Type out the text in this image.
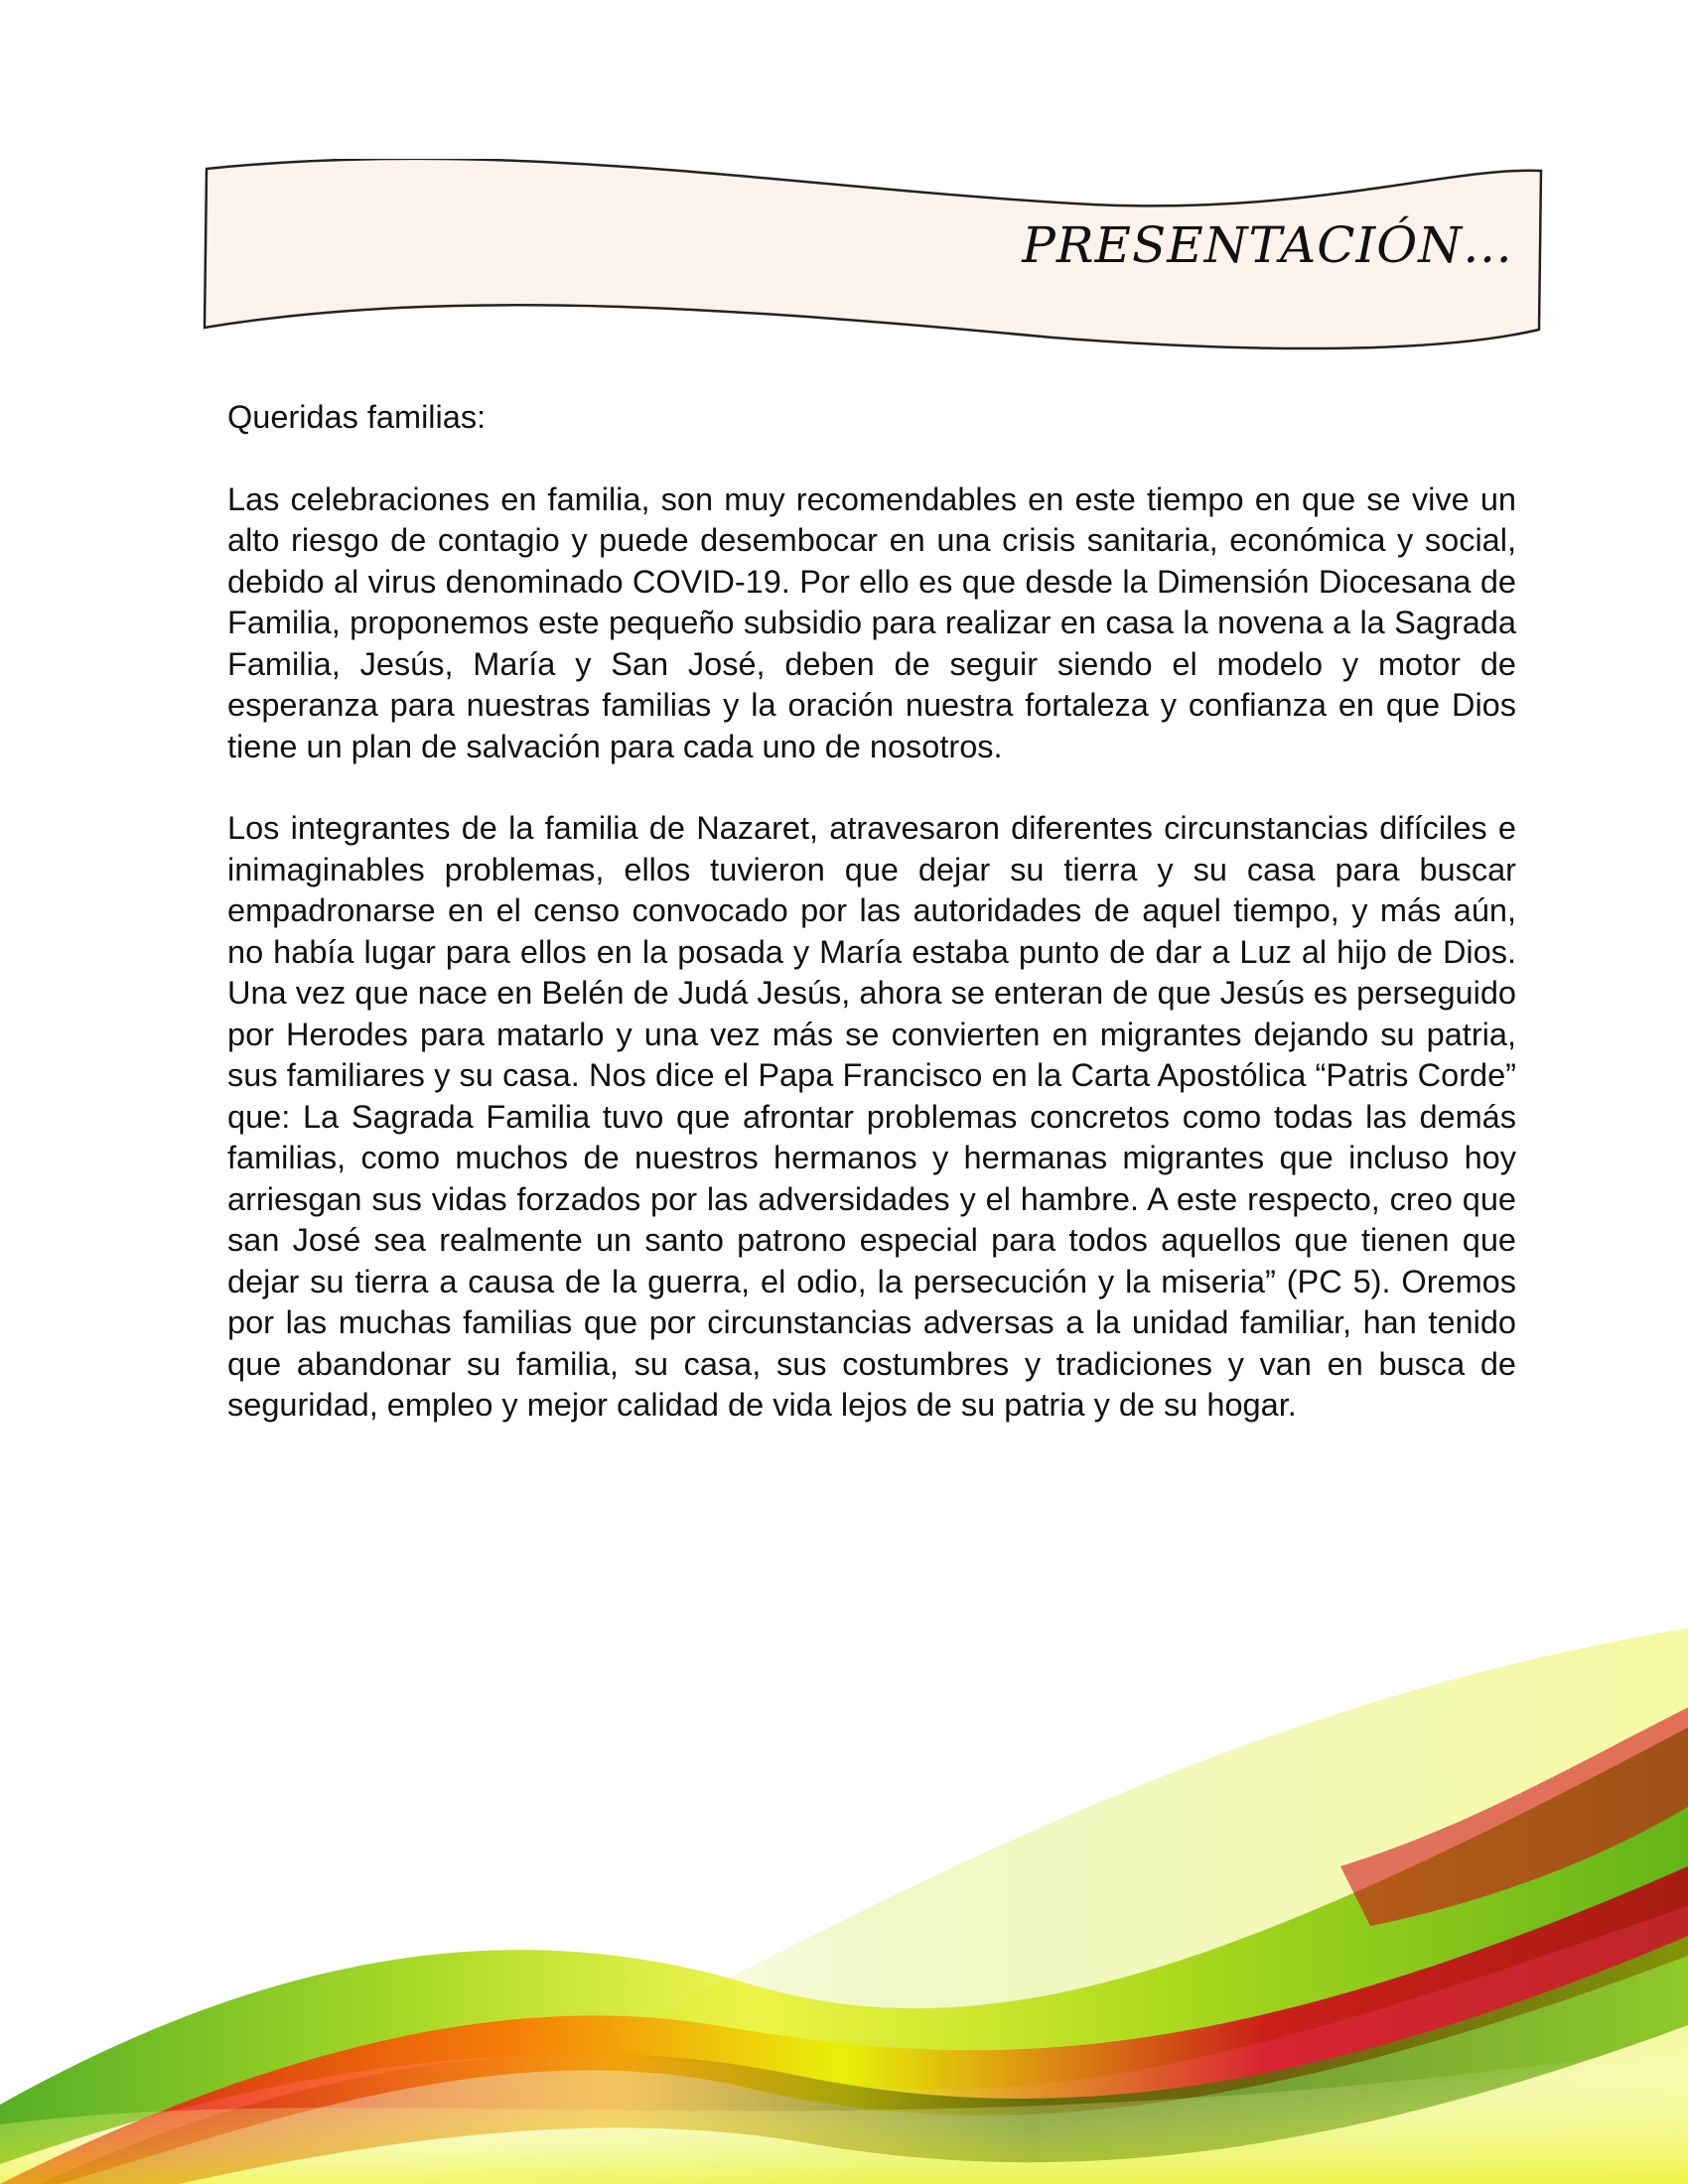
PRESENTACIÓN…

Queridas familias:

Las celebraciones en familia, son muy recomendables en este tiempo en que se vive un alto riesgo de contagio y puede desembocar en una crisis sanitaria, económica y social, debido al virus denominado COVID-19. Por ello es que desde la Dimensión Diocesana de Familia, proponemos este pequeño subsidio para realizar en casa la novena a la Sagrada Familia, Jesús, María y San José, deben de seguir siendo el modelo y motor de esperanza para nuestras familias y la oración nuestra fortaleza y confianza en que Dios tiene un plan de salvación para cada uno de nosotros.

Los integrantes de la familia de Nazaret, atravesaron diferentes circunstancias difíciles e inimaginables problemas, ellos tuvieron que dejar su tierra y su casa para buscar empadronarse en el censo convocado por las autoridades de aquel tiempo, y más aún, no había lugar para ellos en la posada y María estaba punto de dar a Luz al hijo de Dios. Una vez que nace en Belén de Judá Jesús, ahora se enteran de que Jesús es perseguido por Herodes para matarlo y una vez más se convierten en migrantes dejando su patria, sus familiares y su casa. Nos dice el Papa Francisco en la Carta Apostólica “Patris Corde” que: La Sagrada Familia tuvo que afrontar problemas concretos como todas las demás familias, como muchos de nuestros hermanos y hermanas migrantes que incluso hoy arriesgan sus vidas forzados por las adversidades y el hambre. A este respecto, creo que san José sea realmente un santo patrono especial para todos aquellos que tienen que dejar su tierra a causa de la guerra, el odio, la persecución y la miseria” (PC 5). Oremos por las muchas familias que por circunstancias adversas a la unidad familiar, han tenido que abandonar su familia, su casa, sus costumbres y tradiciones y van en busca de seguridad, empleo y mejor calidad de vida lejos de su patria y de su hogar.
